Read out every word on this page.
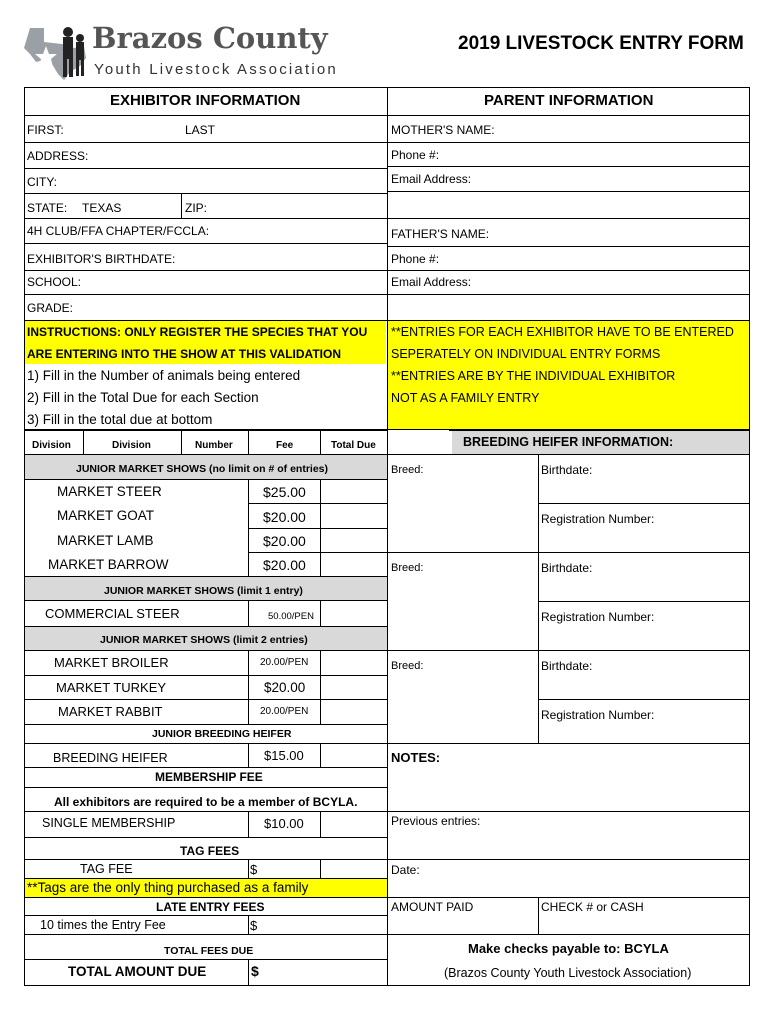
Brazos County
Youth Livestock Association
2019 LIVESTOCK ENTRY FORM
EXHIBITOR INFORMATION	PARENT INFORMATION
FIRST:	LAST
ADDRESS:
CITY:
STATE: TEXAS	ZIP:
4H CLUB/FFA CHAPTER/FCCLA:
EXHIBITOR'S BIRTHDATE:
SCHOOL:
GRADE:
MOTHER'S NAME:
Phone #:
Email Address:
FATHER'S NAME:
Phone #:
Email Address:
INSTRUCTIONS: ONLY REGISTER THE SPECIES THAT YOU
ARE ENTERING INTO THE SHOW AT THIS VALIDATION
1) Fill in the Number of animals being entered
2) Fill in the Total Due for each Section
3) Fill in the total due at bottom
**ENTRIES FOR EACH EXHIBITOR HAVE TO BE ENTERED
SEPERATELY ON INDIVIDUAL ENTRY FORMS
**ENTRIES ARE BY THE INDIVIDUAL EXHIBITOR
NOT AS A FAMILY ENTRY
Division	Division	Number	Fee	Total Due
JUNIOR MARKET SHOWS (no limit on # of entries)
MARKET STEER	$25.00
MARKET GOAT	$20.00
MARKET LAMB	$20.00
MARKET BARROW	$20.00
JUNIOR MARKET SHOWS (limit 1 entry)
COMMERCIAL STEER	50.00/PEN
JUNIOR MARKET SHOWS (limit 2 entries)
MARKET BROILER	20.00/PEN
MARKET TURKEY	$20.00
MARKET RABBIT	20.00/PEN
JUNIOR BREEDING HEIFER
BREEDING HEIFER	$15.00
MEMBERSHIP FEE
All exhibitors are required to be a member of BCYLA.
SINGLE MEMBERSHIP	$10.00
TAG FEES
TAG FEE	$
**Tags are the only thing purchased as a family
LATE ENTRY FEES
10 times the Entry Fee	$
TOTAL FEES DUE
TOTAL AMOUNT DUE	$
BREEDING HEIFER INFORMATION:
Breed:	Birthdate:
Registration Number:
Breed:	Birthdate:
Registration Number:
Breed:	Birthdate:
Registration Number:
NOTES:
Previous entries:
Date:
AMOUNT PAID	CHECK # or CASH
Make checks payable to: BCYLA
(Brazos County Youth Livestock Association)
